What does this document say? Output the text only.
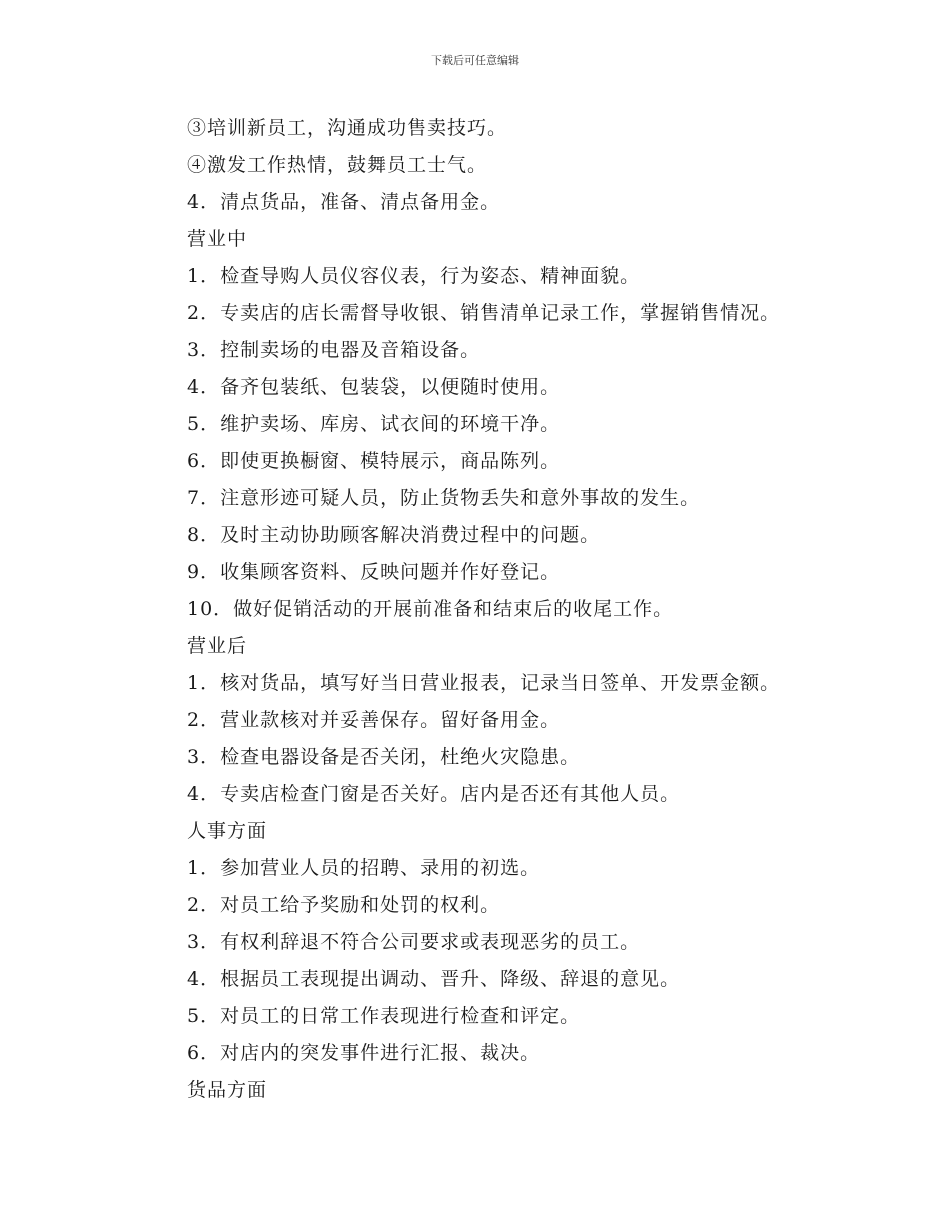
下载后可任意编辑
③培训新员工，沟通成功售卖技巧。
④激发工作热情，鼓舞员工士气。
4．清点货品，准备、清点备用金。
营业中
1．检查导购人员仪容仪表，行为姿态、精神面貌。
2．专卖店的店长需督导收银、销售清单记录工作，掌握销售情况。
3．控制卖场的电器及音箱设备。
4．备齐包装纸、包装袋，以便随时使用。
5．维护卖场、库房、试衣间的环境干净。
6．即使更换橱窗、模特展示，商品陈列。
7．注意形迹可疑人员，防止货物丢失和意外事故的发生。
8．及时主动协助顾客解决消费过程中的问题。
9．收集顾客资料、反映问题并作好登记。
10．做好促销活动的开展前准备和结束后的收尾工作。
营业后
1．核对货品，填写好当日营业报表，记录当日签单、开发票金额。
2．营业款核对并妥善保存。留好备用金。
3．检查电器设备是否关闭，杜绝火灾隐患。
4．专卖店检查门窗是否关好。店内是否还有其他人员。
人事方面
1．参加营业人员的招聘、录用的初选。
2．对员工给予奖励和处罚的权利。
3．有权利辞退不符合公司要求或表现恶劣的员工。
4．根据员工表现提出调动、晋升、降级、辞退的意见。
5．对员工的日常工作表现进行检查和评定。
6．对店内的突发事件进行汇报、裁决。
货品方面
